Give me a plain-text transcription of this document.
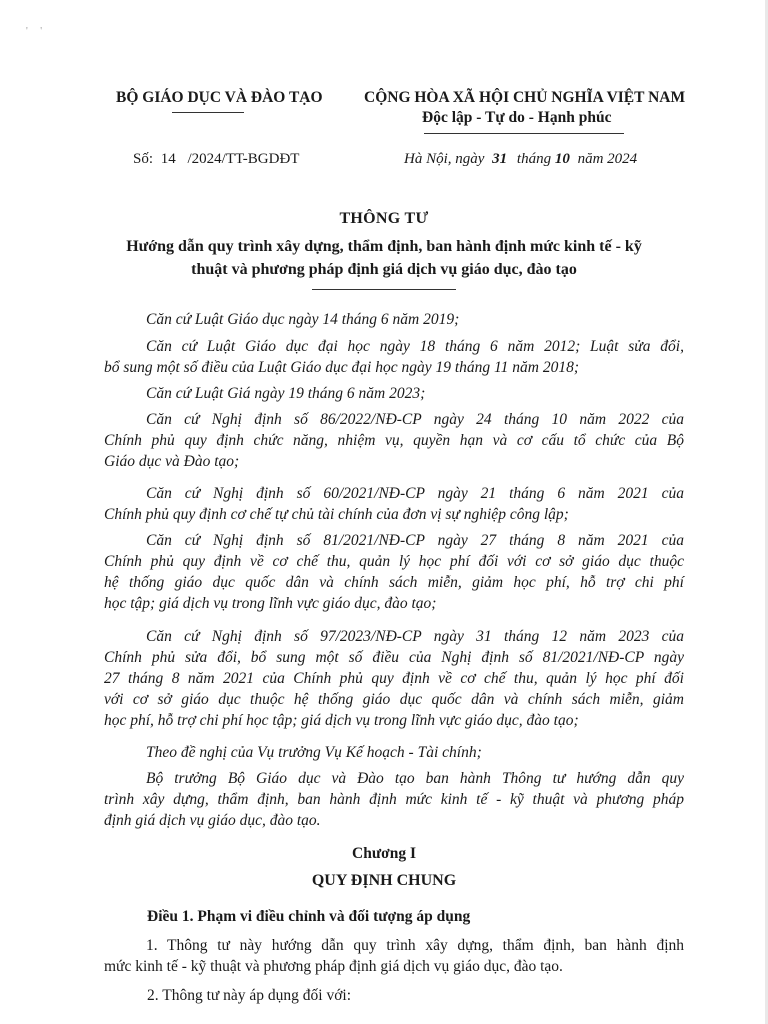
'     '
BỘ GIÁO DỤC VÀ ĐÀO TẠO	CỘNG HÒA XÃ HỘI CHỦ NGHĨA VIỆT NAM
Độc lập - Tự do - Hạnh phúc
Số: 14 /2024/TT-BGDĐT	Hà Nội, ngày 31 tháng 10 năm 2024
THÔNG TƯ
Hướng dẫn quy trình xây dựng, thẩm định, ban hành định mức kinh tế - kỹ
thuật và phương pháp định giá dịch vụ giáo dục, đào tạo
Căn cứ Luật Giáo dục ngày 14 tháng 6 năm 2019;
Căn cứ Luật Giáo dục đại học ngày 18 tháng 6 năm 2012; Luật sửa đổi,
bổ sung một số điều của Luật Giáo dục đại học ngày 19 tháng 11 năm 2018;
Căn cứ Luật Giá ngày 19 tháng 6 năm 2023;
Căn cứ Nghị định số 86/2022/NĐ-CP ngày 24 tháng 10 năm 2022 của
Chính phủ quy định chức năng, nhiệm vụ, quyền hạn và cơ cấu tổ chức của Bộ
Giáo dục và Đào tạo;
Căn cứ Nghị định số 60/2021/NĐ-CP ngày 21 tháng 6 năm 2021 của
Chính phủ quy định cơ chế tự chủ tài chính của đơn vị sự nghiệp công lập;
Căn cứ Nghị định số 81/2021/NĐ-CP ngày 27 tháng 8 năm 2021 của
Chính phủ quy định về cơ chế thu, quản lý học phí đối với cơ sở giáo dục thuộc
hệ thống giáo dục quốc dân và chính sách miễn, giảm học phí, hỗ trợ chi phí
học tập; giá dịch vụ trong lĩnh vực giáo dục, đào tạo;
Căn cứ Nghị định số 97/2023/NĐ-CP ngày 31 tháng 12 năm 2023 của
Chính phủ sửa đổi, bổ sung một số điều của Nghị định số 81/2021/NĐ-CP ngày
27 tháng 8 năm 2021 của Chính phủ quy định về cơ chế thu, quản lý học phí đối
với cơ sở giáo dục thuộc hệ thống giáo dục quốc dân và chính sách miễn, giảm
học phí, hỗ trợ chi phí học tập; giá dịch vụ trong lĩnh vực giáo dục, đào tạo;
Theo đề nghị của Vụ trưởng Vụ Kế hoạch - Tài chính;
Bộ trưởng Bộ Giáo dục và Đào tạo ban hành Thông tư hướng dẫn quy
trình xây dựng, thẩm định, ban hành định mức kinh tế - kỹ thuật và phương pháp
định giá dịch vụ giáo dục, đào tạo.
Chương I
QUY ĐỊNH CHUNG
Điều 1. Phạm vi điều chỉnh và đối tượng áp dụng
1. Thông tư này hướng dẫn quy trình xây dựng, thẩm định, ban hành định
mức kinh tế - kỹ thuật và phương pháp định giá dịch vụ giáo dục, đào tạo.
2. Thông tư này áp dụng đối với:
